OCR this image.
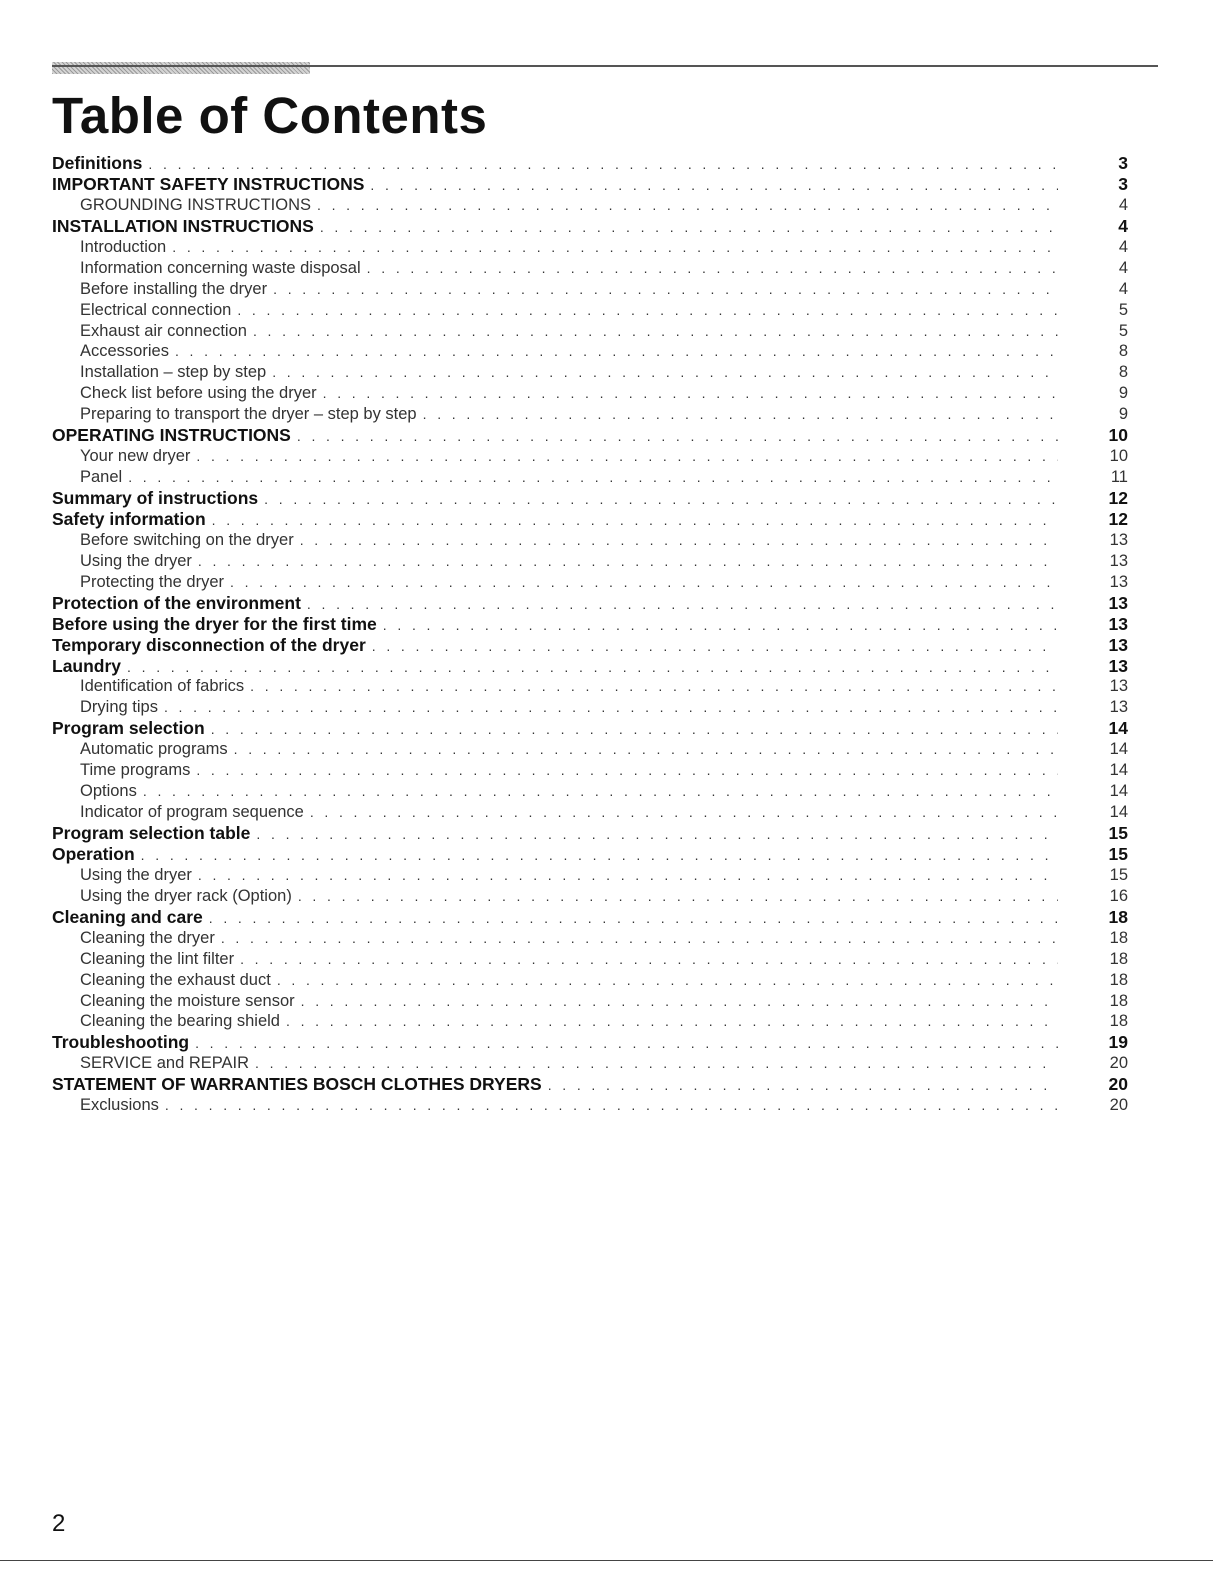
Table of Contents
Definitions . . .	3
IMPORTANT SAFETY INSTRUCTIONS . . .	3
GROUNDING INSTRUCTIONS . . .	4
INSTALLATION INSTRUCTIONS . . .	4
Introduction . . .	4
Information concerning waste disposal . . .	4
Before installing the dryer . . .	4
Electrical connection . . .	5
Exhaust air connection . . .	5
Accessories . . .	8
Installation – step by step . . .	8
Check list before using the dryer . . .	9
Preparing to transport the dryer – step by step . . .	9
OPERATING INSTRUCTIONS . . .	10
Your new dryer . . .	10
Panel . . .	11
Summary of instructions . . .	12
Safety information . . .	12
Before switching on the dryer . . .	13
Using the dryer . . .	13
Protecting the dryer . . .	13
Protection of the environment . . .	13
Before using the dryer for the first time . . .	13
Temporary disconnection of the dryer . . .	13
Laundry . . .	13
Identification of fabrics . . .	13
Drying tips . . .	13
Program selection . . .	14
Automatic programs . . .	14
Time programs . . .	14
Options . . .	14
Indicator of program sequence . . .	14
Program selection table . . .	15
Operation . . .	15
Using the dryer . . .	15
Using the dryer rack (Option) . . .	16
Cleaning and care . . .	18
Cleaning the dryer . . .	18
Cleaning the lint filter . . .	18
Cleaning the exhaust duct . . .	18
Cleaning the moisture sensor . . .	18
Cleaning the bearing shield . . .	18
Troubleshooting . . .	19
SERVICE and REPAIR . . .	20
STATEMENT OF WARRANTIES BOSCH CLOTHES DRYERS . . .	20
Exclusions . . .	20
2
